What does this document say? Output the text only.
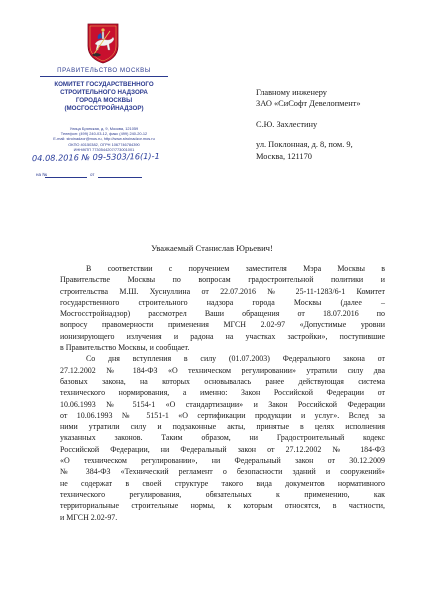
ПРАВИТЕЛЬСТВО МОСКВЫ
КОМИТЕТ ГОСУДАРСТВЕННОГО
СТРОИТЕЛЬНОГО НАДЗОРА
ГОРОДА МОСКВЫ
(МОСГОССТРОЙНАДЗОР)
Улица Брянская, д. 9, Москва, 121059
Телефон: (499) 240-03-12, факс (499) 240-20-12
E-mail: stroinadzor@mos.ru, http://www.stroinadzor.mos.ru
ОКПО 40150382, ОГРН 1067746784390
ИНН/КПП 7730544207/773001001
04.08.2016 № 09-5303/16(1)-1
на №	от
Главному инженеру
ЗАО «СиСофт Девелопмент»
С.Ю. Захлестину
ул. Поклонная, д. 8, пом. 9,
Москва, 121170
Уважаемый Станислав Юрьевич!

В соответствии с поручением заместителя Мэра Москвы в
Правительстве Москвы по вопросам градостроительной политики и
строительства М.Ш. Хуснуллина от 22.07.2016 № 25-11-1283/6-1 Комитет
государственного строительного надзора города Москвы (далее –
Мосгосстройнадзор) рассмотрел Ваши обращения от 18.07.2016 по
вопросу правомерности применения МГСН 2.02-97 «Допустимые уровни
ионизирующего излучения и радона на участках застройки», поступившие
в Правительство Москвы, и сообщает.

Со дня вступления в силу (01.07.2003) Федерального закона от
27.12.2002 № 184-ФЗ «О техническом регулировании» утратили силу два
базовых закона, на которых основывалась ранее действующая система
технического нормирования, а именно: Закон Российской Федерации от
10.06.1993 № 5154-1 «О стандартизации» и Закон Российской Федерации
от 10.06.1993 № 5151-1 «О сертификации продукции и услуг». Вслед за
ними утратили силу и подзаконные акты, принятые в целях исполнения
указанных законов. Таким образом, ни Градостроительный кодекс
Российской Федерации, ни Федеральный закон от 27.12.2002 № 184-ФЗ
«О техническом регулировании», ни Федеральный закон от 30.12.2009
№ 384-ФЗ «Технический регламент о безопасности зданий и сооружений»
не содержат в своей структуре такого вида документов нормативного
технического регулирования, обязательных к применению, как
территориальные строительные нормы, к которым относятся, в частности,
и МГСН 2.02-97.
